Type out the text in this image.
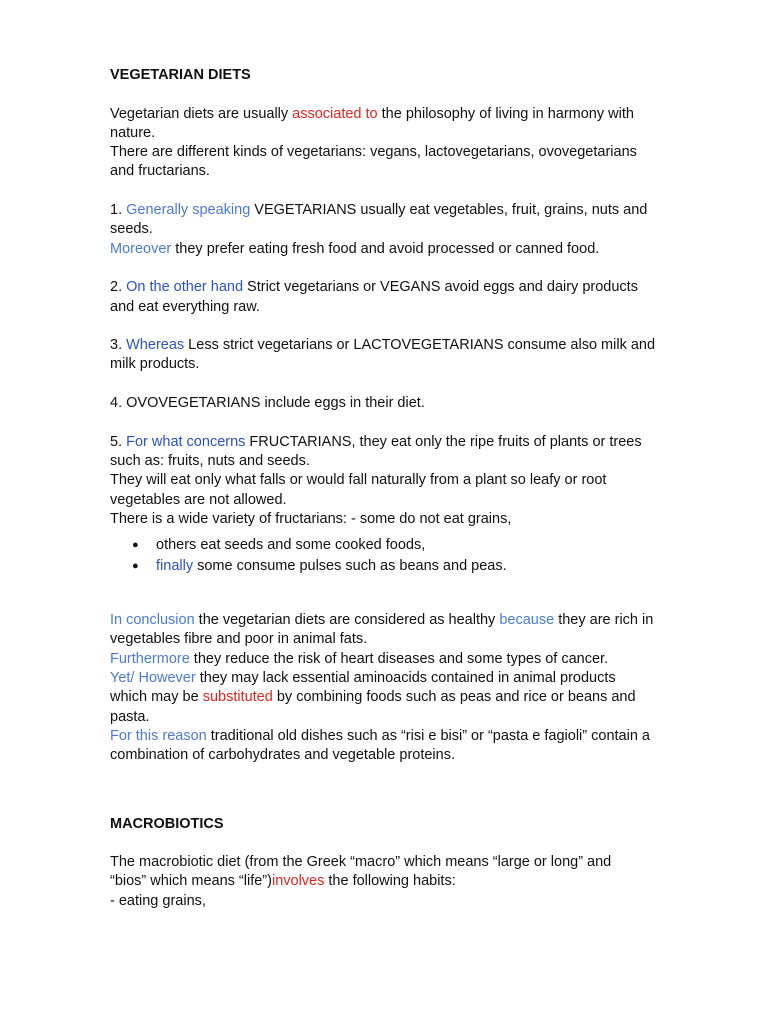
VEGETARIAN DIETS
Vegetarian diets are usually associated to the philosophy of living in harmony with
nature.
There are different kinds of vegetarians: vegans, lactovegetarians, ovovegetarians
and fructarians.
1. Generally speaking VEGETARIANS usually eat vegetables, fruit, grains, nuts and
seeds.
Moreover they prefer eating fresh food and avoid processed or canned food.
2. On the other hand Strict vegetarians or VEGANS avoid eggs and dairy products
and eat everything raw.
3. Whereas Less strict vegetarians or LACTOVEGETARIANS consume also milk and
milk products.
4. OVOVEGETARIANS include eggs in their diet.
5. For what concerns FRUCTARIANS, they eat only the ripe fruits of plants or trees
such as: fruits, nuts and seeds.
They will eat only what falls or would fall naturally from a plant so leafy or root
vegetables are not allowed.
There is a wide variety of fructarians: - some do not eat grains,
● others eat seeds and some cooked foods,
● finally some consume pulses such as beans and peas.
In conclusion the vegetarian diets are considered as healthy because they are rich in
vegetables fibre and poor in animal fats.
Furthermore they reduce the risk of heart diseases and some types of cancer.
Yet/ However they may lack essential aminoacids contained in animal products
which may be substituted by combining foods such as peas and rice or beans and
pasta.
For this reason traditional old dishes such as “risi e bisi” or “pasta e fagioli” contain a
combination of carbohydrates and vegetable proteins.
MACROBIOTICS
The macrobiotic diet (from the Greek “macro” which means “large or long” and
“bios” which means “life”)involves the following habits:
- eating grains,
